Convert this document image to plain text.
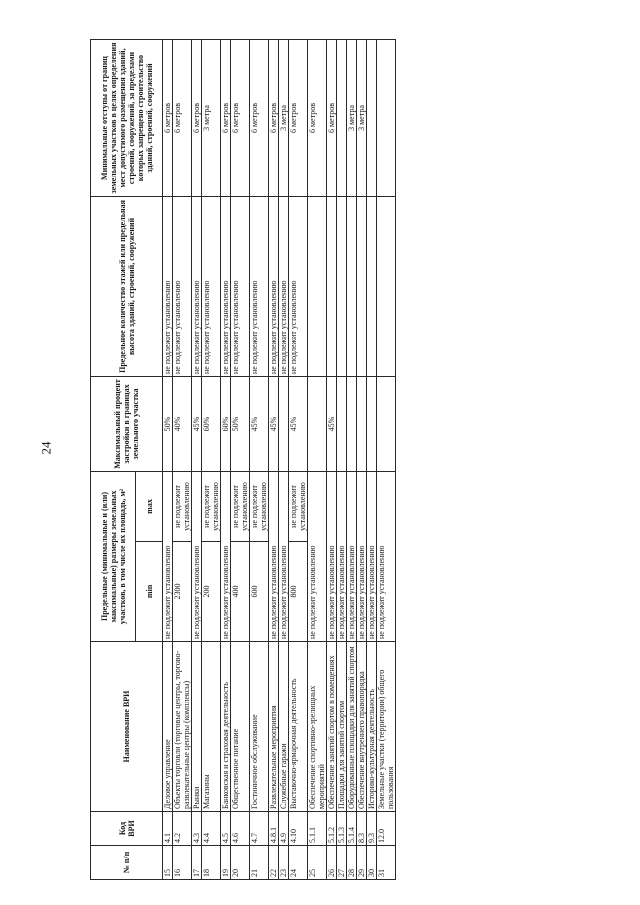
24
№ п/п	Код ВРИ	Наименование ВРИ	Предельные (минимальные и (или) максимальные) размеры земельных участков, в том числе их площадь, м²		Максимальный процент застройки в границах земельного участка	Предельное количество этажей или предельная высота зданий, строений, сооружений	Минимальные отступы от границ земельных участков в целях определения мест допустимого размещения зданий, строений, сооружений, за пределами которых запрещено строительство зданий, строений, сооружений
			min	max			
15	4.1	Деловое управление	не подлежит установлению		50%	не подлежит установлению	6 метров
16	4.2	Объекты торговли (торговые центры, торгово-развлекательные центры (комплексы)	2300	не подлежит установлению	40%	не подлежит установлению	6 метров
17	4.3	Рынки	не подлежит установлению		45%	не подлежит установлению	6 метров
18	4.4	Магазины	200	не подлежит установлению	60%	не подлежит установлению	3 метра
19	4.5	Банковская и страховая деятельность	не подлежит установлению		60%	не подлежит установлению	6 метров
20	4.6	Общественное питание	400	не подлежит установлению	50%	не подлежит установлению	6 метров
21	4.7	Гостиничное обслуживание	600	не подлежит установлению	45%	не подлежит установлению	6 метров
22	4.8.1	Развлекательные мероприятия	не подлежит установлению		45%	не подлежит установлению	6 метров
23	4.9	Служебные гаражи	не подлежит установлению			не подлежит установлению	3 метра
24	4.10	Выставочно-ярмарочная деятельность	800	не подлежит установлению	45%	не подлежит установлению	6 метров
25	5.1.1	Обеспечение спортивно-зрелищных мероприятий	не подлежит установлению				6 метров
26	5.1.2	Обеспечение занятий спортом в помещениях	не подлежит установлению		45%		6 метров
27	5.1.3	Площадки для занятий спортом	не подлежит установлению				
28	5.1.4	Оборудованные площадки для занятий спортом	не подлежит установлению				3 метра
29	8.3	Обеспечение внутреннего правопорядка	не подлежит установлению				3 метра
30	9.3	Историко-культурная деятельность	не подлежит установлению				
31	12.0	Земельные участки (территории) общего пользования	не подлежит установлению				
